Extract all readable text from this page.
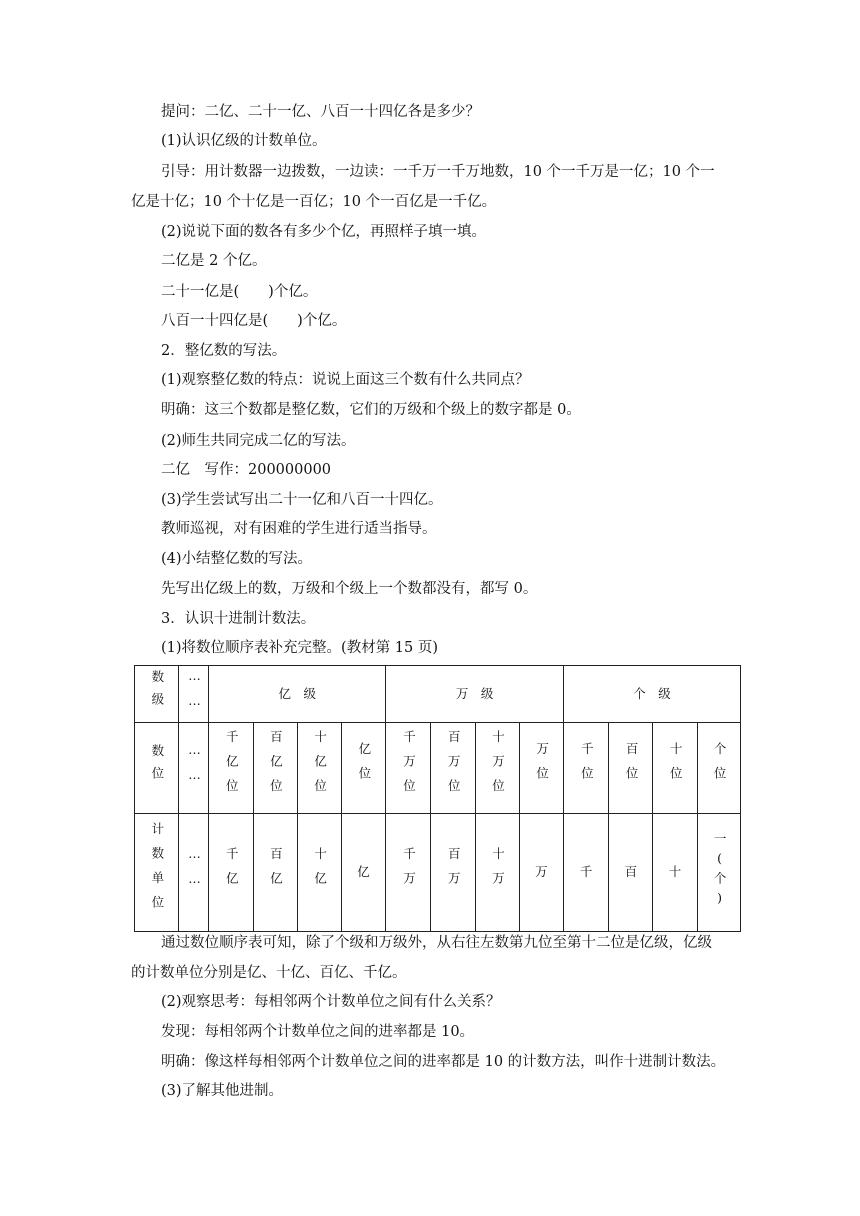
提问：二亿、二十一亿、八百一十四亿各是多少？
(1)认识亿级的计数单位。
引导：用计数器一边拨数，一边读：一千万一千万地数，10 个一千万是一亿；10 个一
亿是十亿；10 个十亿是一百亿；10 个一百亿是一千亿。
(2)说说下面的数各有多少个亿，再照样子填一填。
二亿是 2 个亿。
二十一亿是(　　)个亿。
八百一十四亿是(　　)个亿。
2．整亿数的写法。
(1)观察整亿数的特点：说说上面这三个数有什么共同点？
明确：这三个数都是整亿数，它们的万级和个级上的数字都是 0。
(2)师生共同完成二亿的写法。
二亿　写作：200000000
(3)学生尝试写出二十一亿和八百一十四亿。
教师巡视，对有困难的学生进行适当指导。
(4)小结整亿数的写法。
先写出亿级上的数，万级和个级上一个数都没有，都写 0。
3．认识十进制计数法。
(1)将数位顺序表补充完整。(教材第 15 页)
数级	……	亿　级				万　级				个　级			
数位	……	千亿位	百亿位	十亿位	亿位	千万位	百万位	十万位	万位	千位	百位	十位	个位
计数单位	……	千亿	百亿	十亿	亿	千万	百万	十万	万	千	百	十	一(个)
通过数位顺序表可知，除了个级和万级外，从右往左数第九位至第十二位是亿级，亿级
的计数单位分别是亿、十亿、百亿、千亿。
(2)观察思考：每相邻两个计数单位之间有什么关系？
发现：每相邻两个计数单位之间的进率都是 10。
明确：像这样每相邻两个计数单位之间的进率都是 10 的计数方法，叫作十进制计数法。
(3)了解其他进制。
